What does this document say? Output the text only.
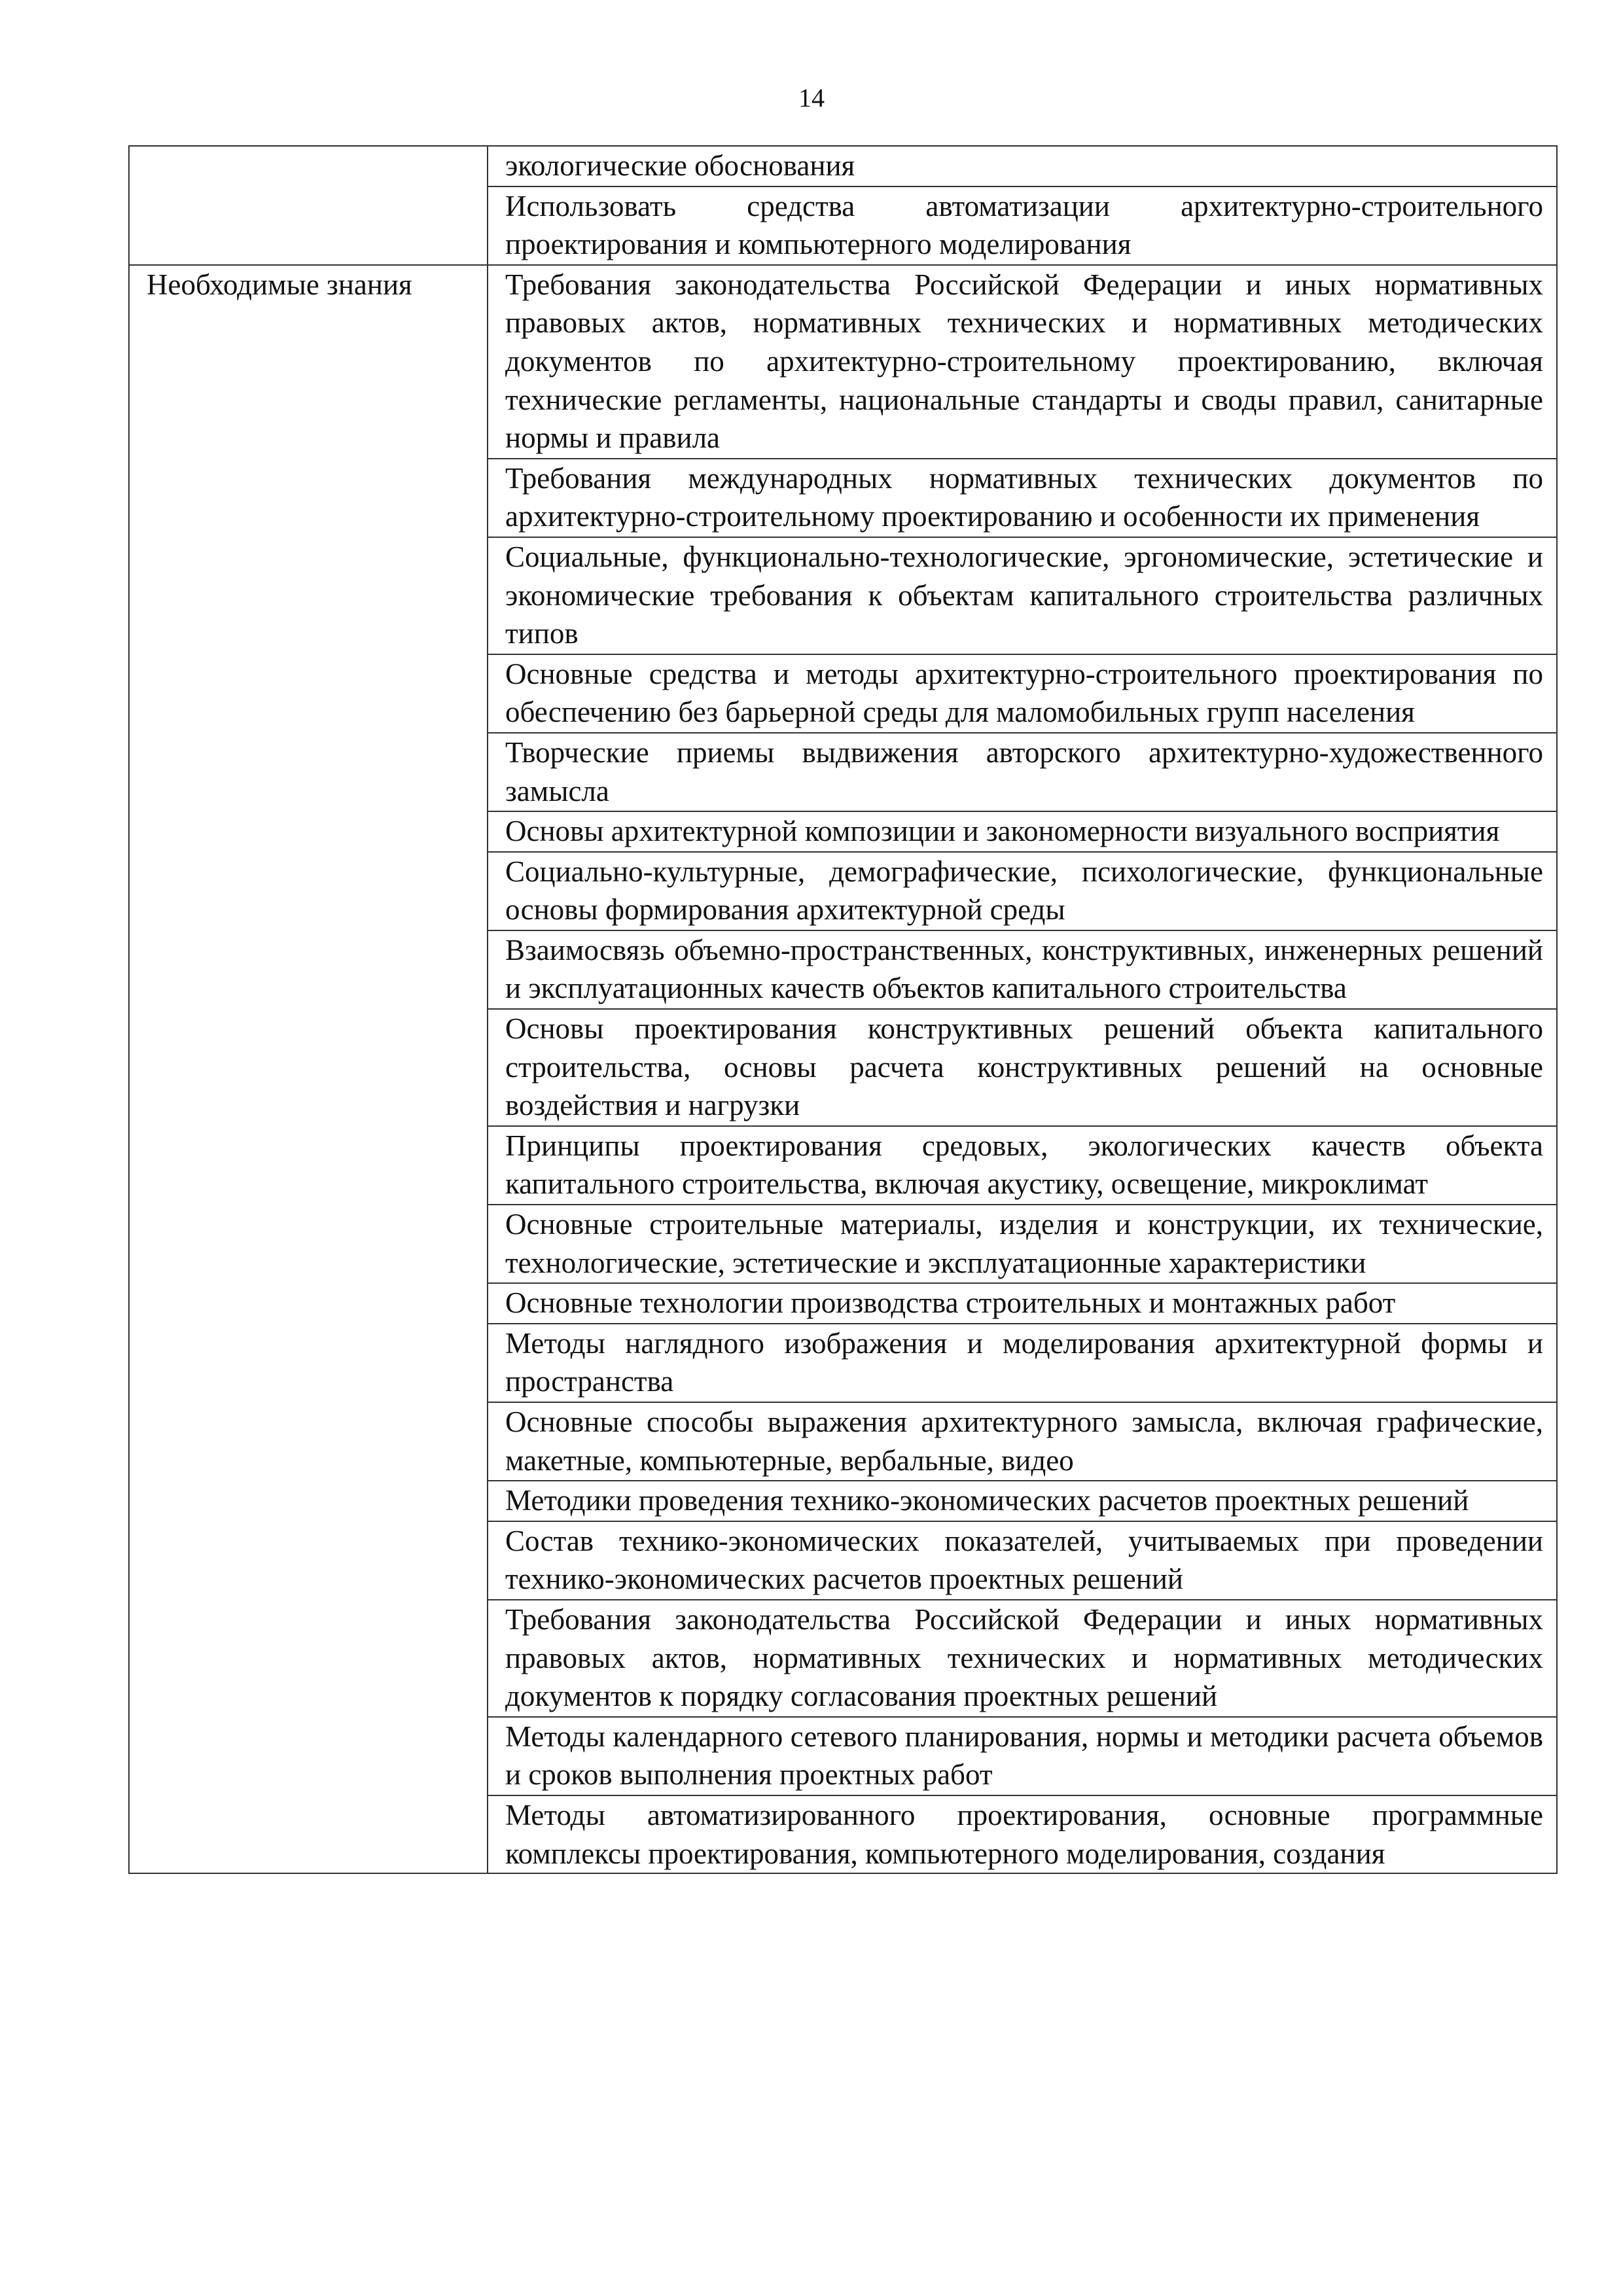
14

	экологические обоснования

	Использовать средства автоматизации архитектурно-строительного проектирования и компьютерного моделирования

Необходимые знания	Требования законодательства Российской Федерации и иных нормативных правовых актов, нормативных технических и нормативных методических документов по архитектурно-строительному проектированию, включая технические регламенты, национальные стандарты и своды правил, санитарные нормы и правила

	Требования международных нормативных технических документов по архитектурно-строительному проектированию и особенности их применения

	Социальные, функционально-технологические, эргономические, эстетические и экономические требования к объектам капитального строительства различных типов

	Основные средства и методы архитектурно-строительного проектирования по обеспечению без барьерной среды для маломобильных групп населения

	Творческие приемы выдвижения авторского архитектурно-художественного замысла

	Основы архитектурной композиции и закономерности визуального восприятия

	Социально-культурные, демографические, психологические, функциональные основы формирования архитектурной среды

	Взаимосвязь объемно-пространственных, конструктивных, инженерных решений и эксплуатационных качеств объектов капитального строительства

	Основы проектирования конструктивных решений объекта капитального строительства, основы расчета конструктивных решений на основные воздействия и нагрузки

	Принципы проектирования средовых, экологических качеств объекта капитального строительства, включая акустику, освещение, микроклимат

	Основные строительные материалы, изделия и конструкции, их технические, технологические, эстетические и эксплуатационные характеристики

	Основные технологии производства строительных и монтажных работ

	Методы наглядного изображения и моделирования архитектурной формы и пространства

	Основные способы выражения архитектурного замысла, включая графические, макетные, компьютерные, вербальные, видео

	Методики проведения технико-экономических расчетов проектных решений

	Состав технико-экономических показателей, учитываемых при проведении технико-экономических расчетов проектных решений

	Требования законодательства Российской Федерации и иных нормативных правовых актов, нормативных технических и нормативных методических документов к порядку согласования проектных решений

	Методы календарного сетевого планирования, нормы и методики расчета объемов и сроков выполнения проектных работ

	Методы автоматизированного проектирования, основные программные комплексы проектирования, компьютерного моделирования, создания
